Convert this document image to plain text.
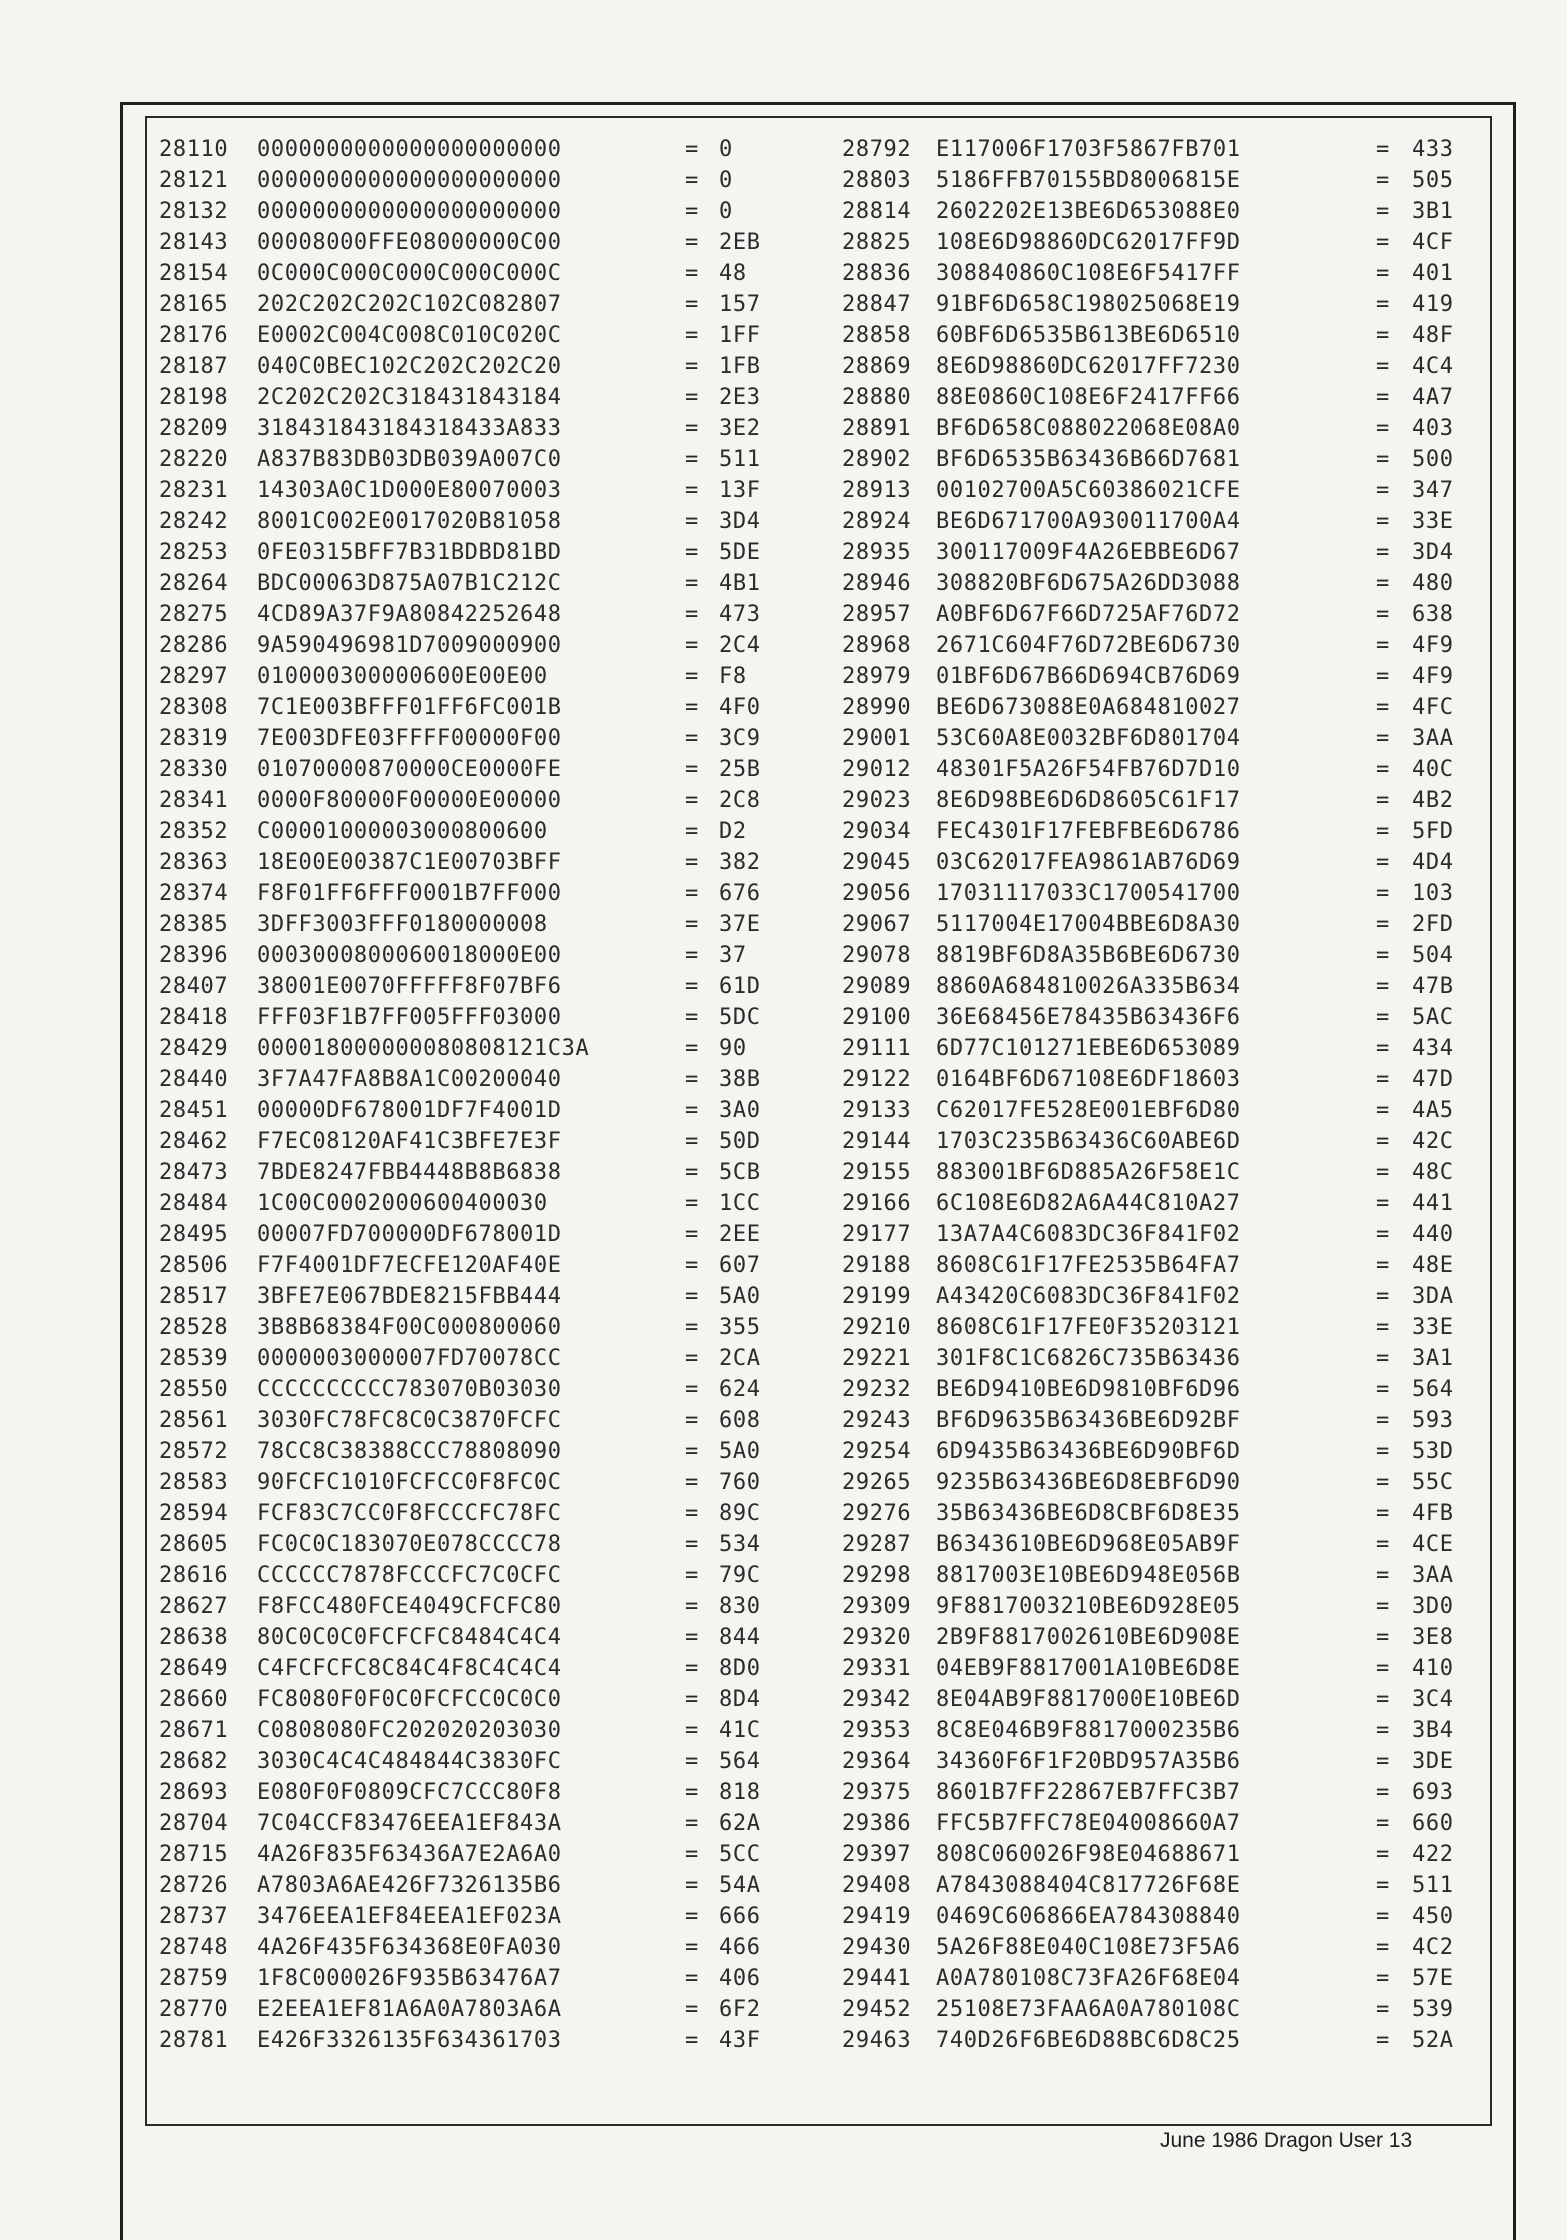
28110 0000000000000000000000	= 0
28121 0000000000000000000000	= 0
28132 0000000000000000000000	= 0
28143 00008000FFE08000000C00	= 2EB
28154 0C000C000C000C000C000C	= 48
28165 202C202C202C102C082807	= 157
28176 E0002C004C008C010C020C	= 1FF
28187 040C0BEC102C202C202C20	= 1FB
28198 2C202C202C318431843184	= 2E3
28209 318431843184318433A833	= 3E2
28220 A837B83DB03DB039A007C0	= 511
28231 14303A0C1D000E80070003	= 13F
28242 8001C002E0017020B81058	= 3D4
28253 0FE0315BFF7B31BDBD81BD	= 5DE
28264 BDC00063D875A07B1C212C	= 4B1
28275 4CD89A37F9A80842252648	= 473
28286 9A590496981D7009000900	= 2C4
28297 010000300000600E00E00	= F8
28308 7C1E003BFFF01FF6FC001B	= 4F0
28319 7E003DFE03FFFF00000F00	= 3C9
28330 01070000870000CE0000FE	= 25B
28341 0000F80000F00000E00000	= 2C8
28352 C00001000003000800600	= D2
28363 18E00E00387C1E00703BFF	= 382
28374 F8F01FF6FFF0001B7FF000	= 676
28385 3DFF3003FFF0180000008	= 37E
28396 0003000800060018000E00	= 37
28407 38001E0070FFFFF8F07BF6	= 61D
28418 FFF03F1B7FF005FFF03000	= 5DC
28429 000018000000080808121C3A	= 90
28440 3F7A47FA8B8A1C00200040	= 38B
28451 00000DF678001DF7F4001D	= 3A0
28462 F7EC08120AF41C3BFE7E3F	= 50D
28473 7BDE8247FBB4448B8B6838	= 5CB
28484 1C00C0002000600400030	= 1CC
28495 00007FD700000DF678001D	= 2EE
28506 F7F4001DF7ECFE120AF40E	= 607
28517 3BFE7E067BDE8215FBB444	= 5A0
28528 3B8B68384F00C000800060	= 355
28539 0000003000007FD70078CC	= 2CA
28550 CCCCCCCCCC783070B03030	= 624
28561 3030FC78FC8C0C3870FCFC	= 608
28572 78CC8C38388CCC78808090	= 5A0
28583 90FCFC1010FCFCC0F8FC0C	= 760
28594 FCF83C7CC0F8FCCCFC78FC	= 89C
28605 FC0C0C183070E078CCCC78	= 534
28616 CCCCCC7878FCCCFC7C0CFC	= 79C
28627 F8FCC480FCE4049CFCFC80	= 830
28638 80C0C0C0FCFCFC8484C4C4	= 844
28649 C4FCFCFC8C84C4F8C4C4C4	= 8D0
28660 FC8080F0F0C0FCFCC0C0C0	= 8D4
28671 C0808080FC202020203030	= 41C
28682 3030C4C4C484844C3830FC	= 564
28693 E080F0F0809CFC7CCC80F8	= 818
28704 7C04CCF83476EEA1EF843A	= 62A
28715 4A26F835F63436A7E2A6A0	= 5CC
28726 A7803A6AE426F7326135B6	= 54A
28737 3476EEA1EF84EEA1EF023A	= 666
28748 4A26F435F634368E0FA030	= 466
28759 1F8C000026F935B63476A7	= 406
28770 E2EEA1EF81A6A0A7803A6A	= 6F2
28781 E426F3326135F634361703	= 43F
28792 E117006F1703F5867FB701	= 433
28803 5186FFB70155BD8006815E	= 505
28814 2602202E13BE6D653088E0	= 3B1
28825 108E6D98860DC62017FF9D	= 4CF
28836 308840860C108E6F5417FF	= 401
28847 91BF6D658C198025068E19	= 419
28858 60BF6D6535B613BE6D6510	= 48F
28869 8E6D98860DC62017FF7230	= 4C4
28880 88E0860C108E6F2417FF66	= 4A7
28891 BF6D658C088022068E08A0	= 403
28902 BF6D6535B63436B66D7681	= 500
28913 00102700A5C60386021CFE	= 347
28924 BE6D671700A930011700A4	= 33E
28935 300117009F4A26EBBE6D67	= 3D4
28946 308820BF6D675A26DD3088	= 480
28957 A0BF6D67F66D725AF76D72	= 638
28968 2671C604F76D72BE6D6730	= 4F9
28979 01BF6D67B66D694CB76D69	= 4F9
28990 BE6D673088E0A684810027	= 4FC
29001 53C60A8E0032BF6D801704	= 3AA
29012 48301F5A26F54FB76D7D10	= 40C
29023 8E6D98BE6D6D8605C61F17	= 4B2
29034 FEC4301F17FEBFBE6D6786	= 5FD
29045 03C62017FEA9861AB76D69	= 4D4
29056 17031117033C1700541700	= 103
29067 5117004E17004BBE6D8A30	= 2FD
29078 8819BF6D8A35B6BE6D6730	= 504
29089 8860A684810026A335B634	= 47B
29100 36E68456E78435B63436F6	= 5AC
29111 6D77C101271EBE6D653089	= 434
29122 0164BF6D67108E6DF18603	= 47D
29133 C62017FE528E001EBF6D80	= 4A5
29144 1703C235B63436C60ABE6D	= 42C
29155 883001BF6D885A26F58E1C	= 48C
29166 6C108E6D82A6A44C810A27	= 441
29177 13A7A4C6083DC36F841F02	= 440
29188 8608C61F17FE2535B64FA7	= 48E
29199 A43420C6083DC36F841F02	= 3DA
29210 8608C61F17FE0F35203121	= 33E
29221 301F8C1C6826C735B63436	= 3A1
29232 BE6D9410BE6D9810BF6D96	= 564
29243 BF6D9635B63436BE6D92BF	= 593
29254 6D9435B63436BE6D90BF6D	= 53D
29265 9235B63436BE6D8EBF6D90	= 55C
29276 35B63436BE6D8CBF6D8E35	= 4FB
29287 B6343610BE6D968E05AB9F	= 4CE
29298 8817003E10BE6D948E056B	= 3AA
29309 9F8817003210BE6D928E05	= 3D0
29320 2B9F8817002610BE6D908E	= 3E8
29331 04EB9F8817001A10BE6D8E	= 410
29342 8E04AB9F8817000E10BE6D	= 3C4
29353 8C8E046B9F8817000235B6	= 3B4
29364 34360F6F1F20BD957A35B6	= 3DE
29375 8601B7FF22867EB7FFC3B7	= 693
29386 FFC5B7FFC78E04008660A7	= 660
29397 808C060026F98E04688671	= 422
29408 A7843088404C817726F68E	= 511
29419 0469C606866EA784308840	= 450
29430 5A26F88E040C108E73F5A6	= 4C2
29441 A0A780108C73FA26F68E04	= 57E
29452 25108E73FAA6A0A780108C	= 539
29463 740D26F6BE6D88BC6D8C25	= 52A
June 1986 Dragon User 13
